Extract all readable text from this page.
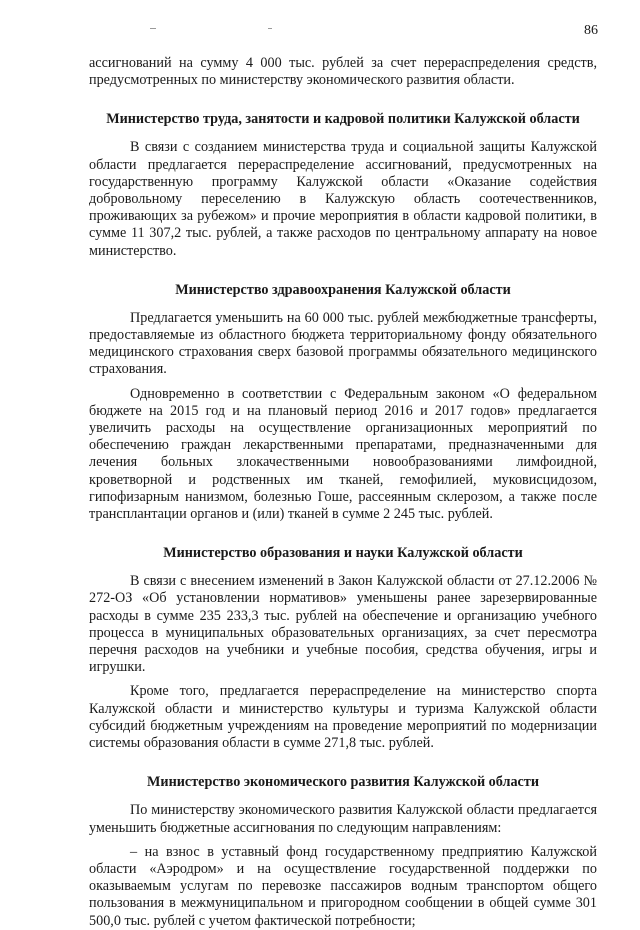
86

ассигнований на сумму 4 000 тыс. рублей за счет перераспределения средств, предусмотренных по министерству экономического развития области.

Министерство труда, занятости и кадровой политики Калужской области

В связи с созданием министерства труда и социальной защиты Калужской области предлагается перераспределение ассигнований, предусмотренных на государственную программу Калужской области «Оказание содействия добровольному переселению в Калужскую область соотечественников, проживающих за рубежом» и прочие мероприятия в области кадровой политики, в сумме 11 307,2 тыс. рублей, а также расходов по центральному аппарату на новое министерство.

Министерство здравоохранения Калужской области

Предлагается уменьшить на 60 000 тыс. рублей межбюджетные трансферты, предоставляемые из областного бюджета территориальному фонду обязательного медицинского страхования сверх базовой программы обязательного медицинского страхования.

Одновременно в соответствии с Федеральным законом «О федеральном бюджете на 2015 год и на плановый период 2016 и 2017 годов» предлагается увеличить расходы на осуществление организационных мероприятий по обеспечению граждан лекарственными препаратами, предназначенными для лечения больных злокачественными новообразованиями лимфоидной, кроветворной и родственных им тканей, гемофилией, муковисцидозом, гипофизарным нанизмом, болезнью Гоше, рассеянным склерозом, а также после трансплантации органов и (или) тканей в сумме 2 245 тыс. рублей.

Министерство образования и науки Калужской области

В связи с внесением изменений в Закон Калужской области от 27.12.2006 № 272-ОЗ «Об установлении нормативов» уменьшены ранее зарезервированные расходы в сумме 235 233,3 тыс. рублей на обеспечение и организацию учебного процесса в муниципальных образовательных организациях, за счет пересмотра перечня расходов на учебники и учебные пособия, средства обучения, игры и игрушки.

Кроме того, предлагается перераспределение на министерство спорта Калужской области и министерство культуры и туризма Калужской области субсидий бюджетным учреждениям на проведение мероприятий по модернизации системы образования области в сумме 271,8 тыс. рублей.

Министерство экономического развития Калужской области

По министерству экономического развития Калужской области предлагается уменьшить бюджетные ассигнования по следующим направлениям:

– на взнос в уставный фонд государственному предприятию Калужской области «Аэродром» и на осуществление государственной поддержки по оказываемым услугам по перевозке пассажиров водным транспортом общего пользования в межмуниципальном и пригородном сообщении в общей сумме 301 500,0 тыс. рублей с учетом фактической потребности;
